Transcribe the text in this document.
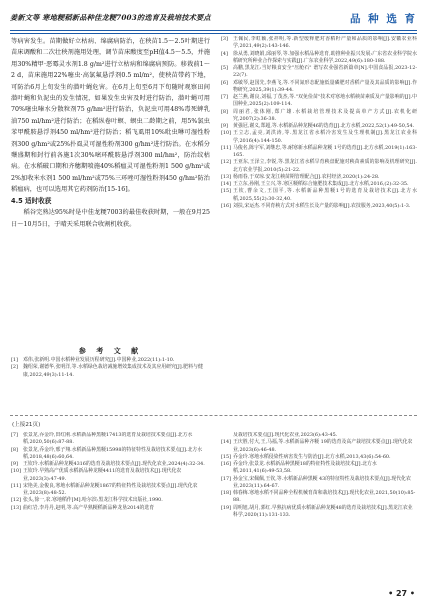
姜新文等 寒地粳稻新品种佳龙粳7003的选育及栽培技术要点	品 种 选 育

等病害发生。苗期做好立枯病、绵腐病防治，在秧苗1.5～2.5叶期进行苗床调酸和二次壮秧剂施用处理，调节苗床酸度至pH值4.5～5.5，并施用30%精甲·恶霉灵水剂1.8 g/m²进行立枯病和绵腐病预防。移栽前1～2 d，苗床施用22%噻虫·高氯氟悬浮剂0.5 ml/m²，使秧苗带药下地，可防治6月上旬发生的潜叶蝇危害。在6月上旬至6月下旬随时观察田间潜叶蝇和负泥虫的发生情况，如果发生虫害及时进行防治，潜叶蝇可用70%噻虫嗪水分散粒剂75 g/hm²进行防治，负泥虫可用48%毒死蜱乳油750 ml/hm²进行防治；在稻纵卷叶螟、螟虫二龄期之前，用5%氯虫苯甲酰胺悬浮剂450 ml/hm²进行防治；稻飞虱用10%吡虫啉可湿性粉剂300 g/hm²或25%扑虱灵可湿性粉剂300 g/hm²进行防治。在水稻分蘖盛期和封行前各施1次30%嘧环酰胺悬浮剂300 ml/hm²，防治纹枯病。在水稻破口期和齐穗期喷施40%稻瘟灵可湿性粉剂1 500 g/hm²或2%加收米水剂1 500 ml/hm²或75%三环唑可湿性粉剂450 g/hm²防治稻瘟病，也可以选用其它药剂防治[15-16]。

4.5 适时收获

稻谷完熟达95%时是中佳龙粳7003的最佳收获时期，一般在9月25日～10月5日，于晴天采用联合收割机收获。

参 考 文 献
[1]	邓伟,张新明.中国水稻种业发展历程研究[J].中国种业,2022(11):1-10.
[2]	魏绍荣,谢德华,张明洋,等.水稻绿色栽培减施增效集成技术及其应用研究[J].肥料与健康,2022,49(3):11-14.
[3]	王佩民,李虹颖,张祥明,等.新型缓释肥对香稻籽产量和品质的影响[J].安徽农业科学,2021,49(2):143-146.
[4]	徐从勇,刘晓娟,邱丽琴,等.加强水稻品种选育,助推种业振兴发展:广东省农业科学院水稻研究所种业合作探索与实践[J].广东农业科学,2022,49(6):180-188.
[5]	高鹏,黑龙江:当好粮食安全"压舱石" 谱写农业强省新篇章[N].中国食品报,2023-12-22(7).
[6]	邓敏琴,赵国先,李燕飞,等.不同氮形态配施低量磷肥对香稻产量及其品质的影响[J].作物研究,2025,39(1):39-44.
[7]	赵兰燕,谢良,刘福,丁茂杰,等."双免俭苗"技术对寒地水稻秧苗素质及产量影响的[J].中国种业,2025(2):109-114.
[8]	周丽君,张体刚,郑广雄.水稻栽培管理技术及提高单产方式[J].农机化研究,2007(2):36-38.
[9]	黄强冠,谢义,郑超,等.水稻新品种龙粳46的选育[J].北方水稻,2022,52(1):49-50,54.
[10] 王立志,孟亮,刘洪涛,等.黑龙江省水稻冷害发生及生理机制[J].黑龙江农业科学,2016(4):144-150.
[11] 马俊名,陈宇军,刘继忠,等.耐寒新水稻品种龙粳 1号的选育[J].北方水稻,2019(1):163-165.
[12] 王亚东,王泽立,李锐,等.黑龙江省水稻旱育秧盘配施对秧苗素质的影响及机理研究[J].北方农业学报,2010(5):21-22.
[13] 杨雨春,于双琼.安龙江秧苗期管理配合[J].农村经济,2020(1):24-28.
[14] 王立东,孙刚,王立兴,等.寒区粳稻综合施肥技术集成[J].北方水稻,2016,(2):32-35.
[15] 王钦,曹余文,王国平,等.水稻新品种黑粳1号的选育及栽培技术[J].北方水稻,2025,55(2):30-32,40.
[16] 刘扶,宋运杰.不同育秧方式对水稻生长及产量的影响[J].农技服务,2023,40(5):1-3.
(上接21页)
[7]	张景龙,乔金玲,田红刚.水稻新品种黑粳17413的选育及栽培技术要点[J].北方水稻,2020,50(6):87-88.
[8]	张景龙,乔金玲,邢子翔.水稻新品种黑粳15998的特征特性及栽培技术要点[J].北方水稻,2018,48(6):60,64.
[9]	王钦玲.水稻新品种龙粳4316的选育及栽培技术要点[J].现代化农业,2024(4):32-34.
[10] 王钦玲.早熟高产优质水稻新品种龙粳4411的选育及栽培技术[J].现代化农业,2023(3):47-49.
[11] 宋艳美,金俊良,寒地水稻新品种龙粳1867的特征特性及栽培技术要点[J].现代化农业,2023(8):48-52.
[12] 张头,徐一,农.寒地稻作[M].哈尔滨:黑龙江科学技术出版社,1990.
[13] 曲红岩,李丹丹,赵明,等.高产早熟粳稻新品种龙垦2014的选育
及栽培技术要点[J].现代化农业,2023(6):43-45.
[14] 王庆胜,付大,王,马福,等.水稻新品种齐粳 19的选育及高产栽培技术要点[J].现代化农业,2023(6):46-48.
[15] 乔金玲.寒地水稻侵染性病害发生与防治[J].北方水稻,2013,43(6):54-60.
[16] 乔金玲,张景龙.水稻新品种黑粳18的特征特性及栽培技术[J].北方水稻,2011,41(6):49-53,58.
[17] 孙金宝,宋佩佩,王钦,等.水稻新品种黑粳 43的特征特性及栽培技术要点[J].现代化农业,2023(11):64-67.
[18] 韩春梅.寒地水稻不同品种全程机械育苗和栽培技术[J].现代化农业,2021,50(10):85-88.
[19] 周明旭,胡月,郭红.早熟抗病优质水稻新品种龙粳48的选育及栽培技术[J].黑龙江农业科学,2020(11):131-133.
• 27 •
